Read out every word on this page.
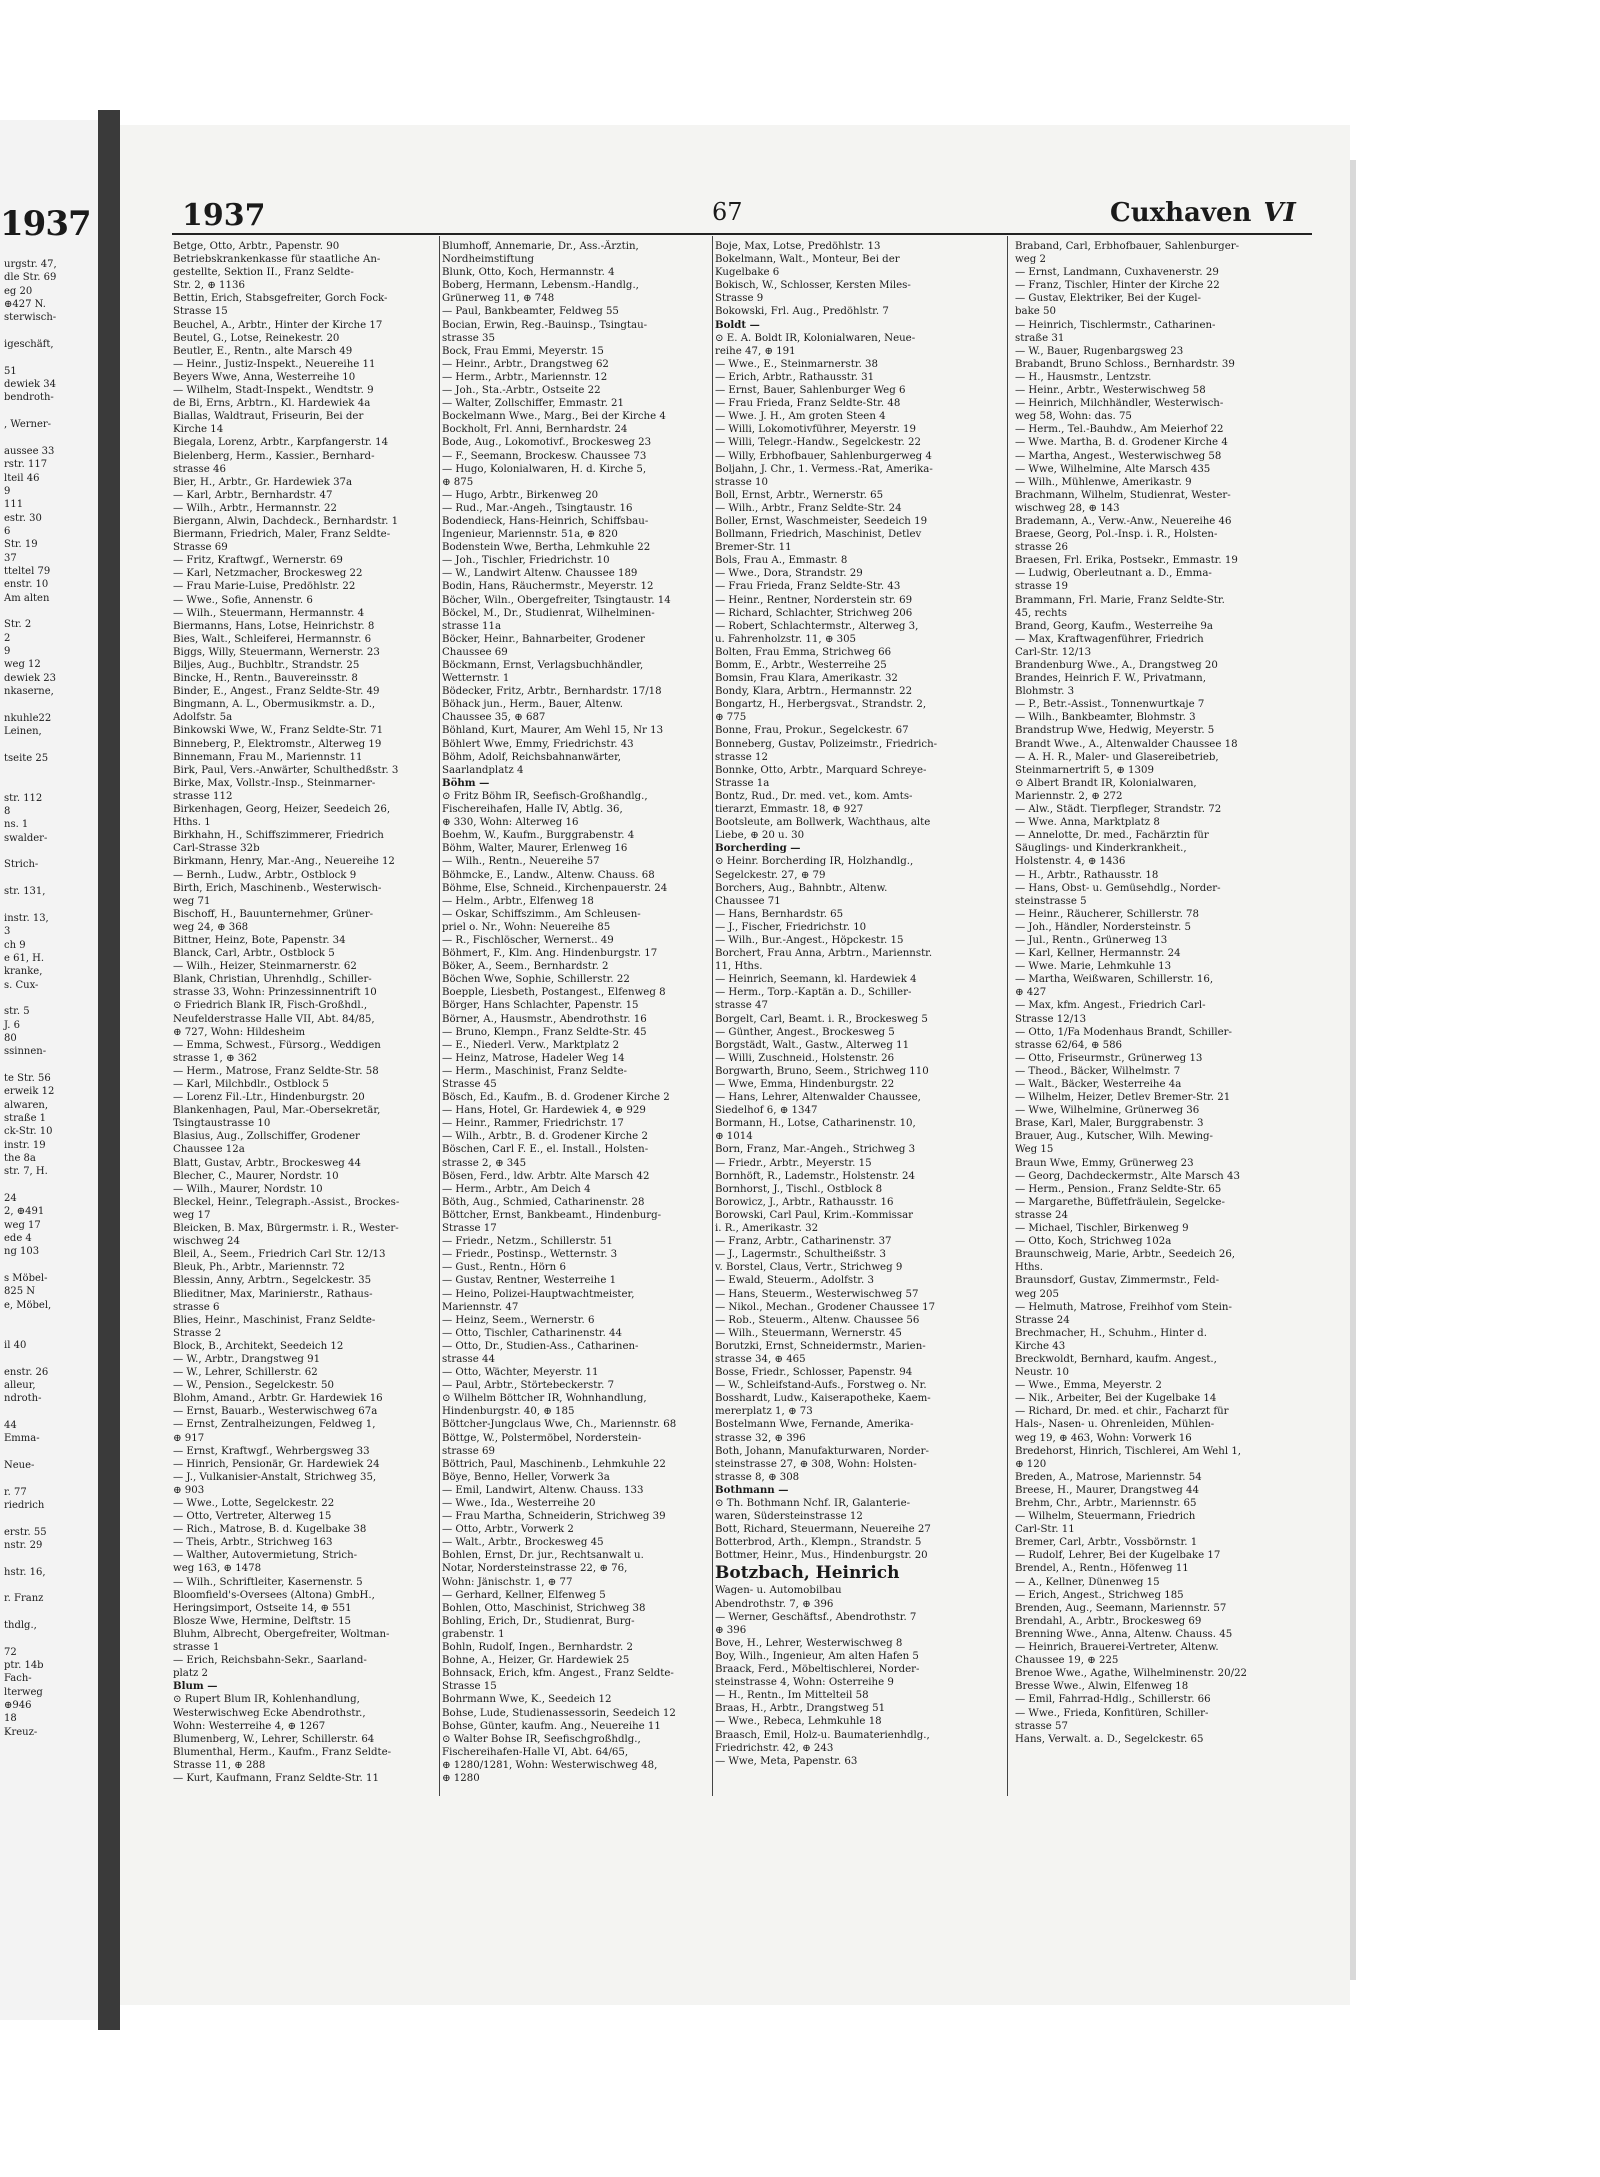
1937
urgstr. 47,
dle Str. 69
eg 20
⊕427 N.
sterwisch-

igeschäft,

51
dewiek 34
bendroth-

, Werner-

aussee 33
rstr. 117
lteil 46
9
111
estr. 30
6
Str. 19
37
tteltel 79
enstr. 10
Am alten

Str. 2
2
9
weg 12
dewiek 23
nkaserne,

nkuhle22
Leinen,

tseite 25

str. 112
8
ns. 1
swalder-

Strich-

str. 131,

instr. 13,
3
ch 9
e 61, H.
kranke,
s. Cux-

str. 5
J. 6
80
ssinnen-

te Str. 56
erweik 12
alwaren,
straße 1
ck-Str. 10
instr. 19
the 8a
str. 7, H.

24
2, ⊕491
weg 17
ede 4
ng 103

s Möbel-
825 N
e, Möbel,

il 40

enstr. 26
alleur,
ndroth-

44
Emma-

Neue-

r. 77
riedrich

erstr. 55
nstr. 29

hstr. 16,

r. Franz

thdlg.,

72
ptr. 14b
Fach-
lterweg
⊕946
18
Kreuz-
1937	67	Cuxhaven VI
Betge, Otto, Arbtr., Papenstr. 90
Betriebskrankenkasse für staatliche An-
gestellte, Sektion II., Franz Seldte-
Str. 2, ⊕ 1136
Bettin, Erich, Stabsgefreiter, Gorch Fock-
Strasse 15
Beuchel, A., Arbtr., Hinter der Kirche 17
Beutel, G., Lotse, Reinekestr. 20
Beutler, E., Rentn., alte Marsch 49
— Heinr., Justiz-Inspekt., Neuereihe 11
Beyers Wwe, Anna, Westerreihe 10
— Wilhelm, Stadt-Inspekt., Wendtstr. 9
de Bi, Erns, Arbtrn., Kl. Hardewiek 4a
Biallas, Waldtraut, Friseurin, Bei der
Kirche 14
Biegala, Lorenz, Arbtr., Karpfangerstr. 14
Bielenberg, Herm., Kassier., Bernhard-
strasse 46
Bier, H., Arbtr., Gr. Hardewiek 37a
— Karl, Arbtr., Bernhardstr. 47
— Wilh., Arbtr., Hermannstr. 22
Biergann, Alwin, Dachdeck., Bernhardstr. 1
Biermann, Friedrich, Maler, Franz Seldte-
Strasse 69
— Fritz, Kraftwgf., Wernerstr. 69
— Karl, Netzmacher, Brockesweg 22
— Frau Marie-Luise, Predöhlstr. 22
— Wwe., Sofie, Annenstr. 6
— Wilh., Steuermann, Hermannstr. 4
Biermanns, Hans, Lotse, Heinrichstr. 8
Bies, Walt., Schleiferei, Hermannstr. 6
Biggs, Willy, Steuermann, Wernerstr. 23
Biljes, Aug., Buchbltr., Strandstr. 25
Bincke, H., Rentn., Bauvereinsstr. 8
Binder, E., Angest., Franz Seldte-Str. 49
Bingmann, A. L., Obermusikmstr. a. D.,
Adolfstr. 5a
Binkowski Wwe, W., Franz Seldte-Str. 71
Binneberg, P., Elektromstr., Alterweg 19
Binnemann, Frau M., Mariennstr. 11
Birk, Paul, Vers.-Anwärter, Schulthedßstr. 3
Birke, Max, Vollstr.-Insp., Steinmarner-
strasse 112
Birkenhagen, Georg, Heizer, Seedeich 26,
Hths. 1
Birkhahn, H., Schiffszimmerer, Friedrich
Carl-Strasse 32b
Birkmann, Henry, Mar.-Ang., Neuereihe 12
— Bernh., Ludw., Arbtr., Ostblock 9
Birth, Erich, Maschinenb., Westerwisch-
weg 71
Bischoff, H., Bauunternehmer, Grüner-
weg 24, ⊕ 368
Bittner, Heinz, Bote, Papenstr. 34
Blanck, Carl, Arbtr., Ostblock 5
— Wilh., Heizer, Steinmarnerstr. 62
Blank, Christian, Uhrenhdlg., Schiller-
strasse 33, Wohn: Prinzessinnentrift 10
⊙ Friedrich Blank IR, Fisch-Großhdl.,
Neufelderstrasse Halle VII, Abt. 84/85,
⊕ 727, Wohn: Hildesheim
— Emma, Schwest., Fürsorg., Weddigen
strasse 1, ⊕ 362
— Herm., Matrose, Franz Seldte-Str. 58
— Karl, Milchbdlr., Ostblock 5
— Lorenz Fil.-Ltr., Hindenburgstr. 20
Blankenhagen, Paul, Mar.-Obersekretär,
Tsingtaustrasse 10
Blasius, Aug., Zollschiffer, Grodener
Chaussee 12a
Blatt, Gustav, Arbtr., Brockesweg 44
Blecher, C., Maurer, Nordstr. 10
— Wilh., Maurer, Nordstr. 10
Bleckel, Heinr., Telegraph.-Assist., Brockes-
weg 17
Bleicken, B. Max, Bürgermstr. i. R., Wester-
wischweg 24
Bleil, A., Seem., Friedrich Carl Str. 12/13
Bleuk, Ph., Arbtr., Mariennstr. 72
Blessin, Anny, Arbtrn., Segelckestr. 35
Blieditner, Max, Marinierstr., Rathaus-
strasse 6
Blies, Heinr., Maschinist, Franz Seldte-
Strasse 2
Block, B., Architekt, Seedeich 12
— W., Arbtr., Drangstweg 91
— W., Lehrer, Schillerstr. 62
— W., Pension., Segelckestr. 50
Blohm, Amand., Arbtr. Gr. Hardewiek 16
— Ernst, Bauarb., Westerwischweg 67a
— Ernst, Zentralheizungen, Feldweg 1,
⊕ 917
— Ernst, Kraftwgf., Wehrbergsweg 33
— Hinrich, Pensionär, Gr. Hardewiek 24
— J., Vulkanisier-Anstalt, Strichweg 35,
⊕ 903
— Wwe., Lotte, Segelckestr. 22
— Otto, Vertreter, Alterweg 15
— Rich., Matrose, B. d. Kugelbake 38
— Theis, Arbtr., Strichweg 163
— Walther, Autovermietung, Strich-
weg 163, ⊕ 1478
— Wilh., Schriftleiter, Kasernenstr. 5
Bloomfield's-Oversees (Altona) GmbH.,
Heringsimport, Ostseite 14, ⊕ 551
Blosze Wwe, Hermine, Delftstr. 15
Bluhm, Albrecht, Obergefreiter, Woltman-
strasse 1
— Erich, Reichsbahn-Sekr., Saarland-
platz 2
Blum —
⊙ Rupert Blum IR, Kohlenhandlung,
Westerwischweg Ecke Abendrothstr.,
Wohn: Westerreihe 4, ⊕ 1267
Blumenberg, W., Lehrer, Schillerstr. 64
Blumenthal, Herm., Kaufm., Franz Seldte-
Strasse 11, ⊕ 288
— Kurt, Kaufmann, Franz Seldte-Str. 11
Blumhoff, Annemarie, Dr., Ass.-Ärztin,
Nordheimstiftung
Blunk, Otto, Koch, Hermannstr. 4
Boberg, Hermann, Lebensm.-Handlg.,
Grünerweg 11, ⊕ 748
— Paul, Bankbeamter, Feldweg 55
Bocian, Erwin, Reg.-Bauinsp., Tsingtau-
strasse 35
Bock, Frau Emmi, Meyerstr. 15
— Heinr., Arbtr., Drangstweg 62
— Herm., Arbtr., Mariennstr. 12
— Joh., Sta.-Arbtr., Ostseite 22
— Walter, Zollschiffer, Emmastr. 21
Bockelmann Wwe., Marg., Bei der Kirche 4
Bockholt, Frl. Anni, Bernhardstr. 24
Bode, Aug., Lokomotivf., Brockesweg 23
— F., Seemann, Brockesw. Chaussee 73
— Hugo, Kolonialwaren, H. d. Kirche 5,
⊕ 875
— Hugo, Arbtr., Birkenweg 20
— Rud., Mar.-Angeh., Tsingtaustr. 16
Bodendieck, Hans-Heinrich, Schiffsbau-
Ingenieur, Mariennstr. 51a, ⊕ 820
Bodenstein Wwe, Bertha, Lehmkuhle 22
— Joh., Tischler, Friedrichstr. 10
— W., Landwirt Altenw. Chaussee 189
Bodin, Hans, Räuchermstr., Meyerstr. 12
Böcher, Wiln., Obergefreiter, Tsingtaustr. 14
Böckel, M., Dr., Studienrat, Wilhelminen-
strasse 11a
Böcker, Heinr., Bahnarbeiter, Grodener
Chaussee 69
Böckmann, Ernst, Verlagsbuchhändler,
Wetternstr. 1
Bödecker, Fritz, Arbtr., Bernhardstr. 17/18
Böhack jun., Herm., Bauer, Altenw.
Chaussee 35, ⊕ 687
Böhland, Kurt, Maurer, Am Wehl 15, Nr 13
Böhlert Wwe, Emmy, Friedrichstr. 43
Böhm, Adolf, Reichsbahnanwärter,
Saarlandplatz 4
Böhm —
⊙ Fritz Böhm IR, Seefisch-Großhandlg.,
Fischereihafen, Halle IV, Abtlg. 36,
⊕ 330, Wohn: Alterweg 16
Boehm, W., Kaufm., Burggrabenstr. 4
Böhm, Walter, Maurer, Erlenweg 16
— Wilh., Rentn., Neuereihe 57
Böhmcke, E., Landw., Altenw. Chauss. 68
Böhme, Else, Schneid., Kirchenpauerstr. 24
— Helm., Arbtr., Elfenweg 18
— Oskar, Schiffszimm., Am Schleusen-
priel o. Nr., Wohn: Neuereihe 85
— R., Fischlöscher, Wernerst.. 49
Böhmert, F., Klm. Ang. Hindenburgstr. 17
Böker, A., Seem., Bernhardstr. 2
Böchen Wwe, Sophie, Schillerstr. 22
Boepple, Liesbeth, Postangest., Elfenweg 8
Börger, Hans Schlachter, Papenstr. 15
Börner, A., Hausmstr., Abendrothstr. 16
— Bruno, Klempn., Franz Seldte-Str. 45
— E., Niederl. Verw., Marktplatz 2
— Heinz, Matrose, Hadeler Weg 14
— Herm., Maschinist, Franz Seldte-
Strasse 45
Bösch, Ed., Kaufm., B. d. Grodener Kirche 2
— Hans, Hotel, Gr. Hardewiek 4, ⊕ 929
— Heinr., Rammer, Friedrichstr. 17
— Wilh., Arbtr., B. d. Grodener Kirche 2
Böschen, Carl F. E., el. Install., Holsten-
strasse 2, ⊕ 345
Bösen, Ferd., ldw. Arbtr. Alte Marsch 42
— Herm., Arbtr., Am Deich 4
Böth, Aug., Schmied, Catharinenstr. 28
Böttcher, Ernst, Bankbeamt., Hindenburg-
Strasse 17
— Friedr., Netzm., Schillerstr. 51
— Friedr., Postinsp., Wetternstr. 3
— Gust., Rentn., Hörn 6
— Gustav, Rentner, Westerreihe 1
— Heino, Polizei-Hauptwachtmeister,
Mariennstr. 47
— Heinz, Seem., Wernerstr. 6
— Otto, Tischler, Catharinenstr. 44
— Otto, Dr., Studien-Ass., Catharinen-
strasse 44
— Otto, Wächter, Meyerstr. 11
— Paul, Arbtr., Störtebeckerstr. 7
⊙ Wilhelm Böttcher IR, Wohnhandlung,
Hindenburgstr. 40, ⊕ 185
Böttcher-Jungclaus Wwe, Ch., Mariennstr. 68
Böttge, W., Polstermöbel, Norderstein-
strasse 69
Böttrich, Paul, Maschinenb., Lehmkuhle 22
Böye, Benno, Heller, Vorwerk 3a
— Emil, Landwirt, Altenw. Chauss. 133
— Wwe., Ida., Westerreihe 20
— Frau Martha, Schneiderin, Strichweg 39
— Otto, Arbtr., Vorwerk 2
— Walt., Arbtr., Brockesweg 45
Bohlen, Ernst, Dr. jur., Rechtsanwalt u.
Notar, Nordersteinstrasse 22, ⊕ 76,
Wohn: Jänischstr. 1, ⊕ 77
— Gerhard, Kellner, Elfenweg 5
Bohlen, Otto, Maschinist, Strichweg 38
Bohling, Erich, Dr., Studienrat, Burg-
grabenstr. 1
Bohln, Rudolf, Ingen., Bernhardstr. 2
Bohne, A., Heizer, Gr. Hardewiek 25
Bohnsack, Erich, kfm. Angest., Franz Seldte-
Strasse 15
Bohrmann Wwe, K., Seedeich 12
Bohse, Lude, Studienassessorin, Seedeich 12
Bohse, Günter, kaufm. Ang., Neuereihe 11
⊙ Walter Bohse IR, Seefischgroßhdlg.,
Fischereihafen-Halle VI, Abt. 64/65,
⊕ 1280/1281, Wohn: Westerwischweg 48,
⊕ 1280
Boje, Max, Lotse, Predöhlstr. 13
Bokelmann, Walt., Monteur, Bei der
Kugelbake 6
Bokisch, W., Schlosser, Kersten Miles-
Strasse 9
Bokowski, Frl. Aug., Predöhlstr. 7
Boldt —
⊙ E. A. Boldt IR, Kolonialwaren, Neue-
reihe 47, ⊕ 191
— Wwe., E., Steinmarnerstr. 38
— Erich, Arbtr., Rathausstr. 31
— Ernst, Bauer, Sahlenburger Weg 6
— Frau Frieda, Franz Seldte-Str. 48
— Wwe. J. H., Am groten Steen 4
— Willi, Lokomotivführer, Meyerstr. 19
— Willi, Telegr.-Handw., Segelckestr. 22
— Willy, Erbhofbauer, Sahlenburgerweg 4
Boljahn, J. Chr., 1. Vermess.-Rat, Amerika-
strasse 10
Boll, Ernst, Arbtr., Wernerstr. 65
— Wilh., Arbtr., Franz Seldte-Str. 24
Boller, Ernst, Waschmeister, Seedeich 19
Bollmann, Friedrich, Maschinist, Detlev
Bremer-Str. 11
Bols, Frau A., Emmastr. 8
— Wwe., Dora, Strandstr. 29
— Frau Frieda, Franz Seldte-Str. 43
— Heinr., Rentner, Norderstein str. 69
— Richard, Schlachter, Strichweg 206
— Robert, Schlachtermstr., Alterweg 3,
u. Fahrenholzstr. 11, ⊕ 305
Bolten, Frau Emma, Strichweg 66
Bomm, E., Arbtr., Westerreihe 25
Bomsin, Frau Klara, Amerikastr. 32
Bondy, Klara, Arbtrn., Hermannstr. 22
Bongartz, H., Herbergsvat., Strandstr. 2,
⊕ 775
Bonne, Frau, Prokur., Segelckestr. 67
Bonneberg, Gustav, Polizeimstr., Friedrich-
strasse 12
Bonnke, Otto, Arbtr., Marquard Schreye-
Strasse 1a
Bontz, Rud., Dr. med. vet., kom. Amts-
tierarzt, Emmastr. 18, ⊕ 927
Bootsleute, am Bollwerk, Wachthaus, alte
Liebe, ⊕ 20 u. 30
Borcherding —
⊙ Heinr. Borcherding IR, Holzhandlg.,
Segelckestr. 27, ⊕ 79
Borchers, Aug., Bahnbtr., Altenw.
Chaussee 71
— Hans, Bernhardstr. 65
— J., Fischer, Friedrichstr. 10
— Wilh., Bur.-Angest., Höpckestr. 15
Borchert, Frau Anna, Arbtrn., Mariennstr.
11, Hths.
— Heinrich, Seemann, kl. Hardewiek 4
— Herm., Torp.-Kaptän a. D., Schiller-
strasse 47
Borgelt, Carl, Beamt. i. R., Brockesweg 5
— Günther, Angest., Brockesweg 5
Borgstädt, Walt., Gastw., Alterweg 11
— Willi, Zuschneid., Holstenstr. 26
Borgwarth, Bruno, Seem., Strichweg 110
— Wwe, Emma, Hindenburgstr. 22
— Hans, Lehrer, Altenwalder Chaussee,
Siedelhof 6, ⊕ 1347
Bormann, H., Lotse, Catharinenstr. 10,
⊕ 1014
Born, Franz, Mar.-Angeh., Strichweg 3
— Friedr., Arbtr., Meyerstr. 15
Bornhöft, R., Lademstr., Holstenstr. 24
Bornhorst, J., Tischl., Ostblock 8
Borowicz, J., Arbtr., Rathausstr. 16
Borowski, Carl Paul, Krim.-Kommissar
i. R., Amerikastr. 32
— Franz, Arbtr., Catharinenstr. 37
— J., Lagermstr., Schultheißstr. 3
v. Borstel, Claus, Vertr., Strichweg 9
— Ewald, Steuerm., Adolfstr. 3
— Hans, Steuerm., Westerwischweg 57
— Nikol., Mechan., Grodener Chaussee 17
— Rob., Steuerm., Altenw. Chaussee 56
— Wilh., Steuermann, Wernerstr. 45
Borutzki, Ernst, Schneidermstr., Marien-
strasse 34, ⊕ 465
Bosse, Friedr., Schlosser, Papenstr. 94
— W., Schleifstand-Aufs., Forstweg o. Nr.
Bosshardt, Ludw., Kaiserapotheke, Kaem-
mererplatz 1, ⊕ 73
Bostelmann Wwe, Fernande, Amerika-
strasse 32, ⊕ 396
Both, Johann, Manufakturwaren, Norder-
steinstrasse 27, ⊕ 308, Wohn: Holsten-
strasse 8, ⊕ 308
Bothmann —
⊙ Th. Bothmann Nchf. IR, Galanterie-
waren, Südersteinstrasse 12
Bott, Richard, Steuermann, Neuereihe 27
Botterbrod, Arth., Klempn., Strandstr. 5
Bottmer, Heinr., Mus., Hindenburgstr. 20
Botzbach, Heinrich
Wagen- u. Automobilbau
Abendrothstr. 7, ⊕ 396
— Werner, Geschäftsf., Abendrothstr. 7
⊕ 396
Bove, H., Lehrer, Westerwischweg 8
Boy, Wilh., Ingenieur, Am alten Hafen 5
Braack, Ferd., Möbeltischlerei, Norder-
steinstrasse 4, Wohn: Osterreihe 9
— H., Rentn., Im Mittelteil 58
Braas, H., Arbtr., Drangstweg 51
— Wwe., Rebeca, Lehmkuhle 18
Braasch, Emil, Holz-u. Baumaterienhdlg.,
Friedrichstr. 42, ⊕ 243
— Wwe, Meta, Papenstr. 63
Braband, Carl, Erbhofbauer, Sahlenburger-
weg 2
— Ernst, Landmann, Cuxhavenerstr. 29
— Franz, Tischler, Hinter der Kirche 22
— Gustav, Elektriker, Bei der Kugel-
bake 50
— Heinrich, Tischlermstr., Catharinen-
straße 31
— W., Bauer, Rugenbargsweg 23
Brabandt, Bruno Schloss., Bernhardstr. 39
— H., Hausmstr., Lentzstr.
— Heinr., Arbtr., Westerwischweg 58
— Heinrich, Milchhändler, Westerwisch-
weg 58, Wohn: das. 75
— Herm., Tel.-Bauhdw., Am Meierhof 22
— Wwe. Martha, B. d. Grodener Kirche 4
— Martha, Angest., Westerwischweg 58
— Wwe, Wilhelmine, Alte Marsch 435
— Wilh., Mühlenwe, Amerikastr. 9
Brachmann, Wilhelm, Studienrat, Wester-
wischweg 28, ⊕ 143
Brademann, A., Verw.-Anw., Neuereihe 46
Braese, Georg, Pol.-Insp. i. R., Holsten-
strasse 26
Braesen, Frl. Erika, Postsekr., Emmastr. 19
— Ludwig, Oberleutnant a. D., Emma-
strasse 19
Brammann, Frl. Marie, Franz Seldte-Str.
45, rechts
Brand, Georg, Kaufm., Westerreihe 9a
— Max, Kraftwagenführer, Friedrich
Carl-Str. 12/13
Brandenburg Wwe., A., Drangstweg 20
Brandes, Heinrich F. W., Privatmann,
Blohmstr. 3
— P., Betr.-Assist., Tonnenwurtkaje 7
— Wilh., Bankbeamter, Blohmstr. 3
Brandstrup Wwe, Hedwig, Meyerstr. 5
Brandt Wwe., A., Altenwalder Chaussee 18
— A. H. R., Maler- und Glasereibetrieb,
Steinmarnertrift 5, ⊕ 1309
⊙ Albert Brandt IR, Kolonialwaren,
Mariennstr. 2, ⊕ 272
— Alw., Städt. Tierpfleger, Strandstr. 72
— Wwe. Anna, Marktplatz 8
— Annelotte, Dr. med., Fachärztin für
Säuglings- und Kinderkrankheit.,
Holstenstr. 4, ⊕ 1436
— H., Arbtr., Rathausstr. 18
— Hans, Obst- u. Gemüsehdlg., Norder-
steinstrasse 5
— Heinr., Räucherer, Schillerstr. 78
— Joh., Händler, Nordersteinstr. 5
— Jul., Rentn., Grünerweg 13
— Karl, Kellner, Hermannstr. 24
— Wwe. Marie, Lehmkuhle 13
— Martha, Weißwaren, Schillerstr. 16,
⊕ 427
— Max, kfm. Angest., Friedrich Carl-
Strasse 12/13
— Otto, 1/Fa Modenhaus Brandt, Schiller-
strasse 62/64, ⊕ 586
— Otto, Friseurmstr., Grünerweg 13
— Theod., Bäcker, Wilhelmstr. 7
— Walt., Bäcker, Westerreihe 4a
— Wilhelm, Heizer, Detlev Bremer-Str. 21
— Wwe, Wilhelmine, Grünerweg 36
Brase, Karl, Maler, Burggrabenstr. 3
Brauer, Aug., Kutscher, Wilh. Mewing-
Weg 15
Braun Wwe, Emmy, Grünerweg 23
— Georg, Dachdeckermstr., Alte Marsch 43
— Herm., Pension., Franz Seldte-Str. 65
— Margarethe, Büffetfräulein, Segelcke-
strasse 24
— Michael, Tischler, Birkenweg 9
— Otto, Koch, Strichweg 102a
Braunschweig, Marie, Arbtr., Seedeich 26,
Hths.
Braunsdorf, Gustav, Zimmermstr., Feld-
weg 205
— Helmuth, Matrose, Freihhof vom Stein-
Strasse 24
Brechmacher, H., Schuhm., Hinter d.
Kirche 43
Breckwoldt, Bernhard, kaufm. Angest.,
Neustr. 10
— Wwe., Emma, Meyerstr. 2
— Nik., Arbeiter, Bei der Kugelbake 14
— Richard, Dr. med. et chir., Facharzt für
Hals-, Nasen- u. Ohrenleiden, Mühlen-
weg 19, ⊕ 463, Wohn: Vorwerk 16
Bredehorst, Hinrich, Tischlerei, Am Wehl 1,
⊕ 120
Breden, A., Matrose, Mariennstr. 54
Breese, H., Maurer, Drangstweg 44
Brehm, Chr., Arbtr., Mariennstr. 65
— Wilhelm, Steuermann, Friedrich
Carl-Str. 11
Bremer, Carl, Arbtr., Vossbörnstr. 1
— Rudolf, Lehrer, Bei der Kugelbake 17
Brendel, A., Rentn., Höfenweg 11
— A., Kellner, Dünenweg 15
— Erich, Angest., Strichweg 185
Brenden, Aug., Seemann, Mariennstr. 57
Brendahl, A., Arbtr., Brockesweg 69
Brenning Wwe., Anna, Altenw. Chauss. 45
— Heinrich, Brauerei-Vertreter, Altenw.
Chaussee 19, ⊕ 225
Brenoe Wwe., Agathe, Wilhelminenstr. 20/22
Bresse Wwe., Alwin, Elfenweg 18
— Emil, Fahrrad-Hdlg., Schillerstr. 66
— Wwe., Frieda, Konfitüren, Schiller-
strasse 57
Hans, Verwalt. a. D., Segelckestr. 65
